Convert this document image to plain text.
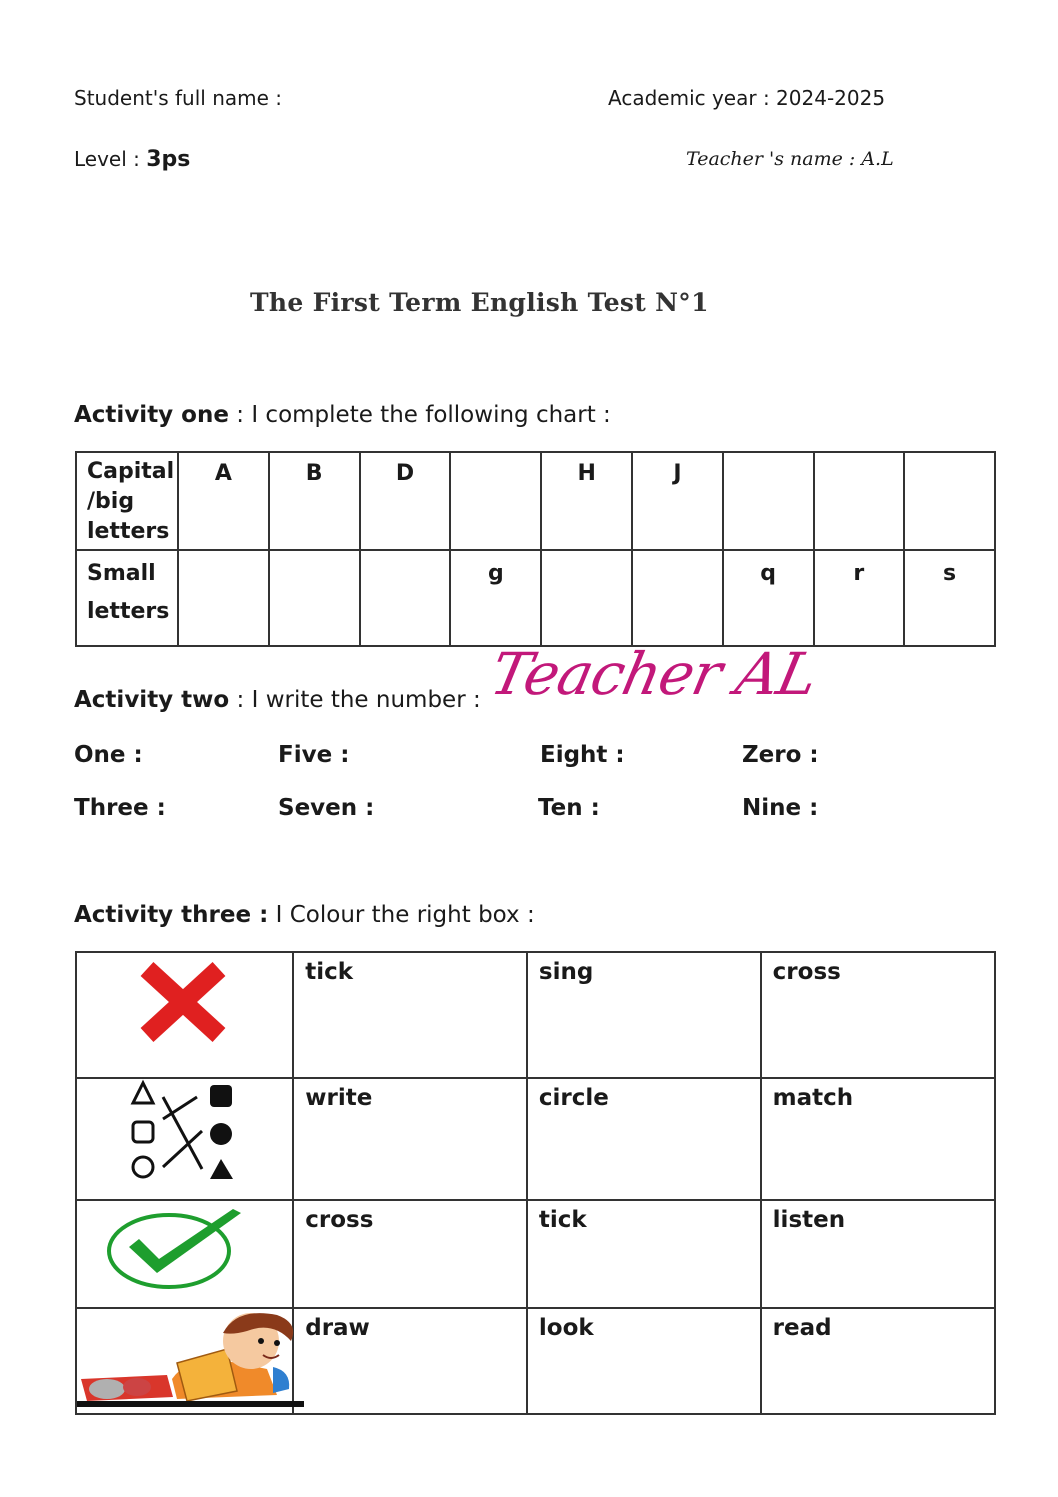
Student's full name :	Academic year : 2024-2025
Level : 3ps	Teacher 's name : A.L
The First Term English Test N°1
Activity one : I complete the following chart :
Capital
/big
letters	A	B	D		H	J			

Small
letters				g			q	r	s
Activity two : I write the number : Teacher AL
One :	Five :	Eight :	Zero :
Three :	Seven :	Ten :	Nine :
Activity three : I Colour the right box :
	tick	sing	cross

	write	circle	match

	cross	tick	listen

	draw	look	read
